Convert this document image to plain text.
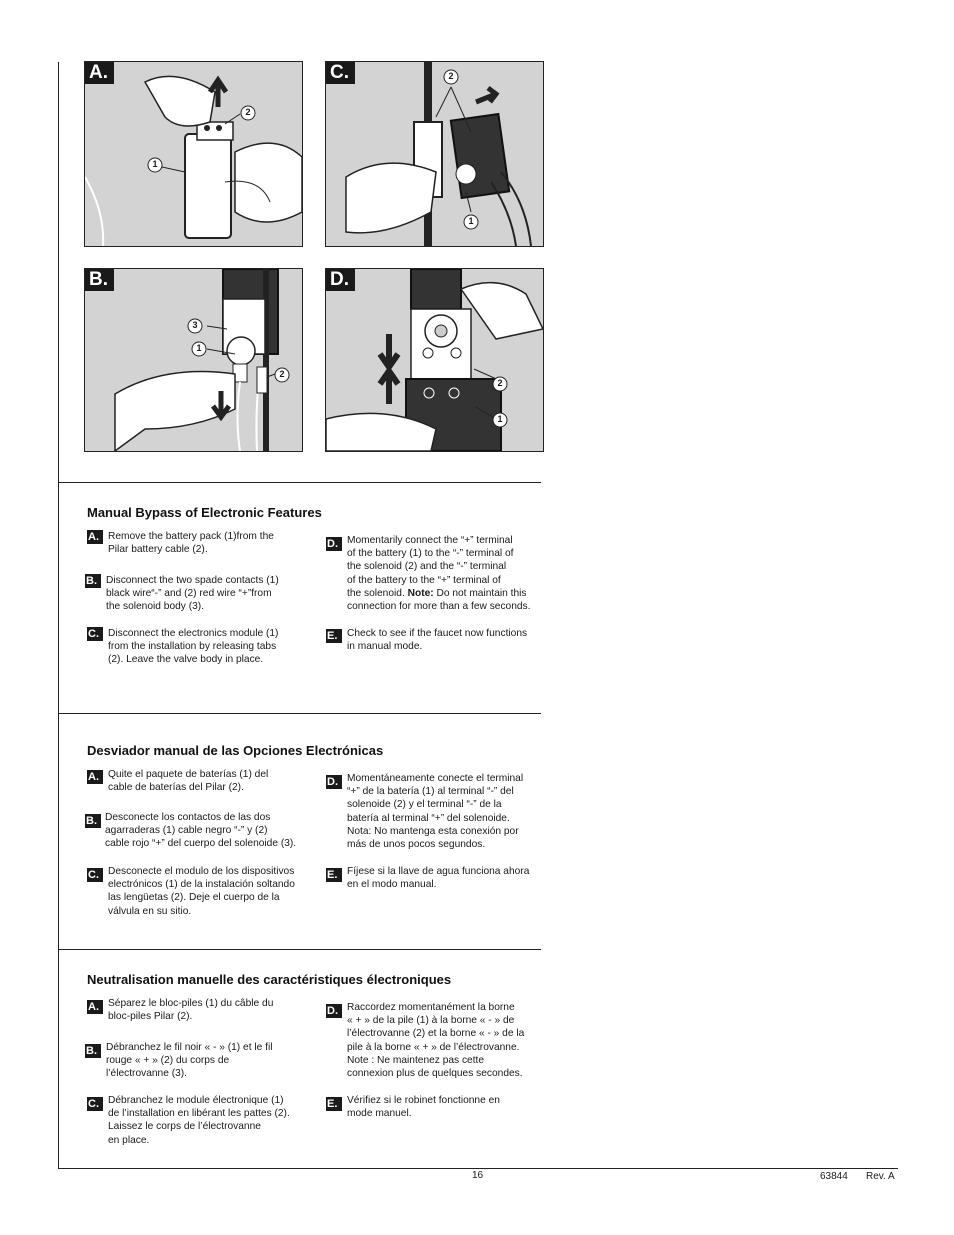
A.
1
2
C.	2
1
B.
3
1
2
D.
2
1
Manual Bypass of Electronic Features
A. Remove the battery pack (1)from the
Pilar battery cable (2).
B. Disconnect the two spade contacts (1)
black wire“-” and (2) red wire “+”from
the solenoid body (3).
C. Disconnect the electronics module (1)
from the installation by releasing tabs
(2). Leave the valve body in place.
D. Momentarily connect the “+” terminal
of the battery (1) to the “-” terminal of
the solenoid (2) and the “-” terminal
of the battery to the “+” terminal of
the solenoid. Note: Do not maintain this
connection for more than a few seconds.
E. Check to see if the faucet now functions
in manual mode.
Desviador manual de las Opciones Electrónicas
A. Quite el paquete de baterías (1) del
cable de baterías del Pilar (2).
B. Desconecte los contactos de las dos
agarraderas (1) cable negro “-” y (2)
cable rojo “+” del cuerpo del solenoide (3).
C. Desconecte el modulo de los dispositivos
electrónicos (1) de la instalación soltando
las lengüetas (2). Deje el cuerpo de la
válvula en su sitio.
D. Momentáneamente conecte el terminal
“+” de la batería (1) al terminal “-” del
solenoide (2) y el terminal “-” de la
batería al terminal “+” del solenoide.
Nota: No mantenga esta conexión por
más de unos pocos segundos.
E. Fíjese si la llave de agua funciona ahora
en el modo manual.
Neutralisation manuelle des caractéristiques électroniques
A. Séparez le bloc-piles (1) du câble du
bloc-piles Pilar (2).
B. Débranchez le fil noir « - » (1) et le fil
rouge « + » (2) du corps de
l’électrovanne (3).
C. Débranchez le module électronique (1)
de l’installation en libérant les pattes (2).
Laissez le corps de l’électrovanne
en place.
D. Raccordez momentanément la borne
« + » de la pile (1) à la borne « - » de
l’électrovanne (2) et la borne « - » de la
pile à la borne « + » de l’électrovanne.
Note : Ne maintenez pas cette
connexion plus de quelques secondes.
E. Vérifiez si le robinet fonctionne en
mode manuel.
16	63844 Rev. A
